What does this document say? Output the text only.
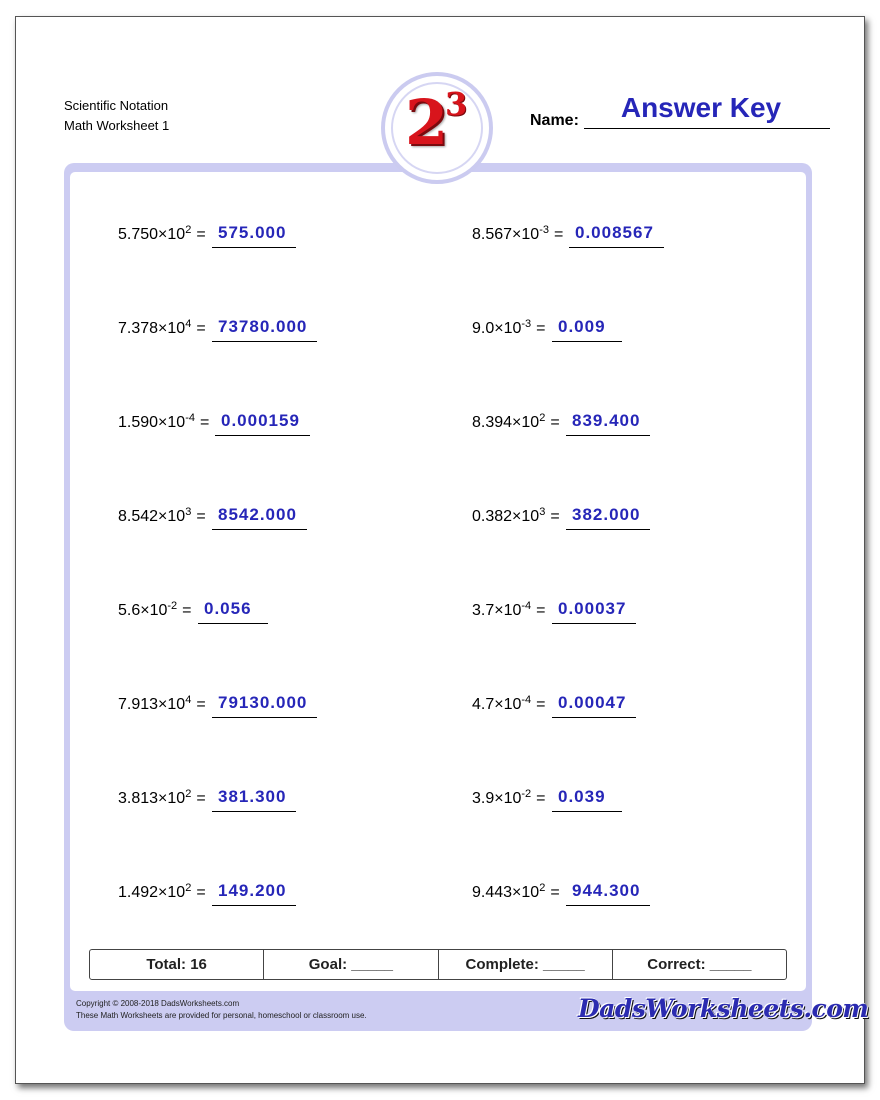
Scientific Notation
Math Worksheet 1	2
3	Name:	Answer Key
$5.750\times 10^2 = 575.000$	$8.567\times 10^{-3} = 0.008567$
$7.378\times 10^4 = 73780.000$	$9.0\times 10^{-3} = 0.009$
$1.590\times 10^{-4} = 0.000159$	$8.394\times 10^2 = 839.400$
$8.542\times 10^3 = 8542.000$	$0.382\times 10^3 = 382.000$
$5.6\times 10^{-2} = 0.056$	$3.7\times 10^{-4} = 0.00037$
$7.913\times 10^4 = 79130.000$	$4.7\times 10^{-4} = 0.00047$
$3.813\times 10^2 = 381.300$	$3.9\times 10^{-2} = 0.039$
$1.492\times 10^2 = 149.200$	$9.443\times 10^2 = 944.300$
Total: 16	Goal: _____	Complete: _____	Correct: _____
Copyright © 2008-2018 DadsWorksheets.com
These Math Worksheets are provided for personal, homeschool or classroom use.	DadsWorksheets.com
